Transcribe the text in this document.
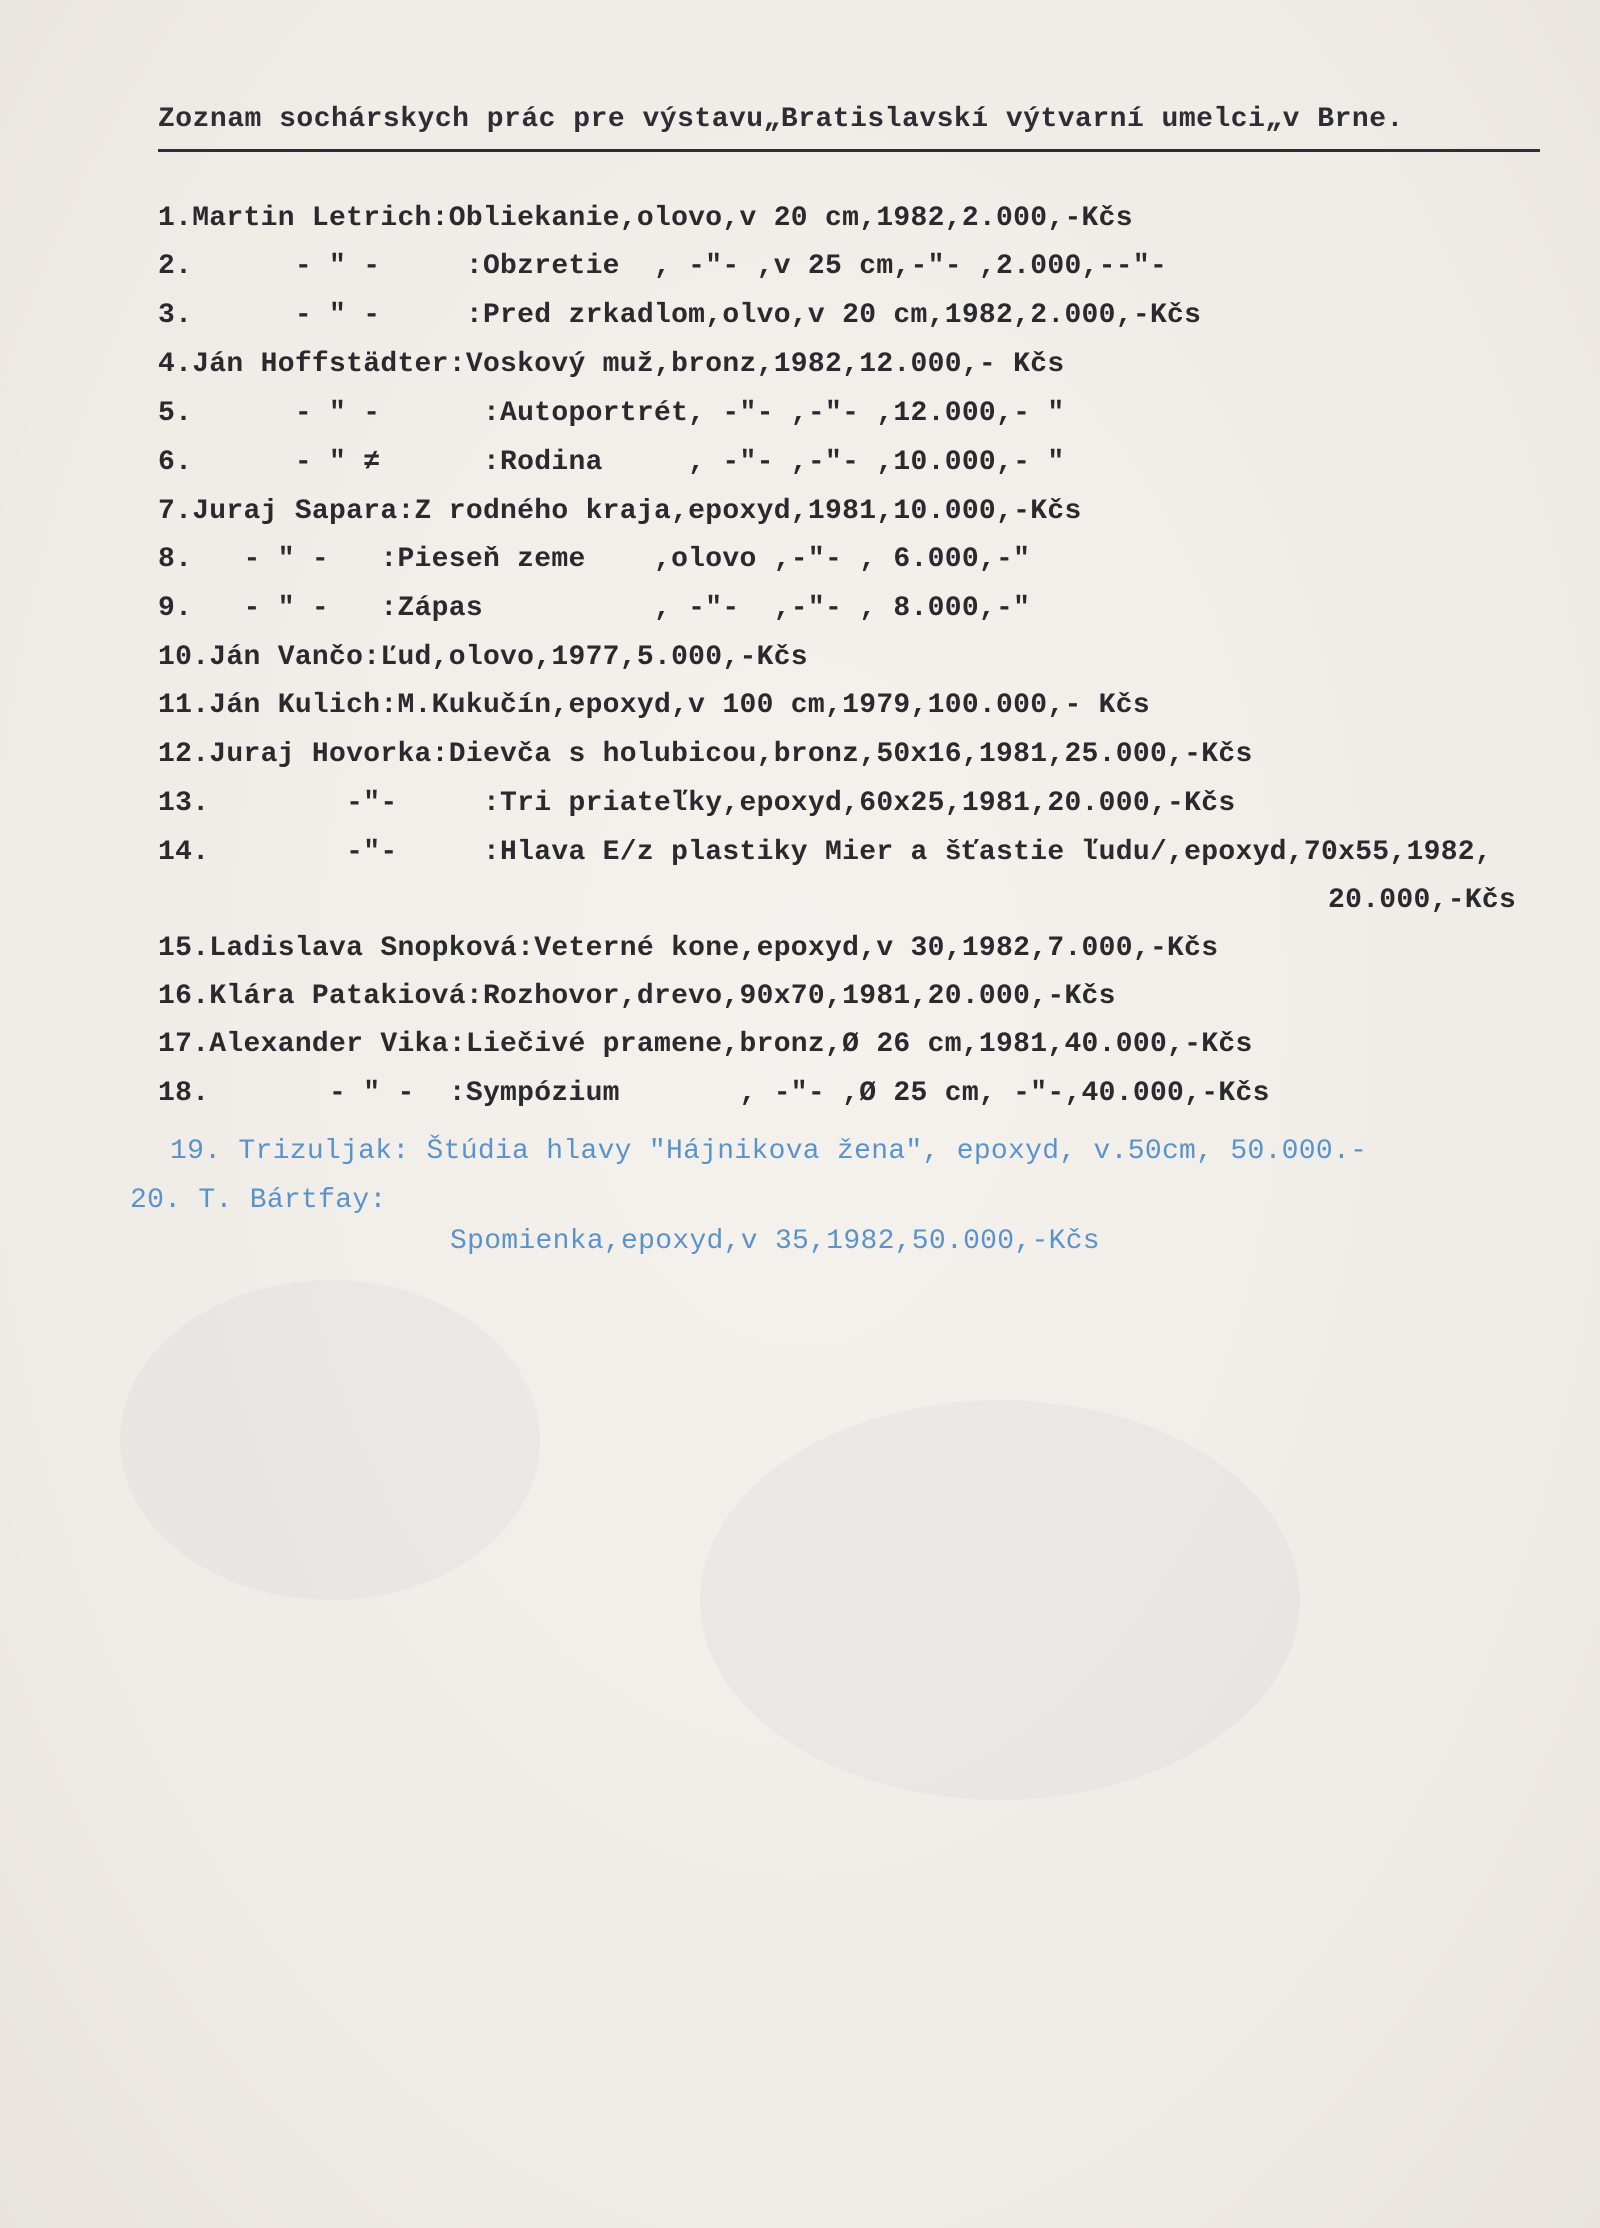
Zoznam sochárskych prác pre výstavu„Bratislavskí výtvarní umelci„v Brne.
1.Martin Letrich:Obliekanie,olovo,v 20 cm,1982,2.000,-Kčs
2.      - " -     :Obzretie  , -"- ,v 25 cm,-"- ,2.000,--"-
3.      - " -     :Pred zrkadlom,olvo,v 20 cm,1982,2.000,-Kčs
4.Ján Hoffstädter:Voskový muž,bronz,1982,12.000,- Kčs
5.      - " -      :Autoportrét, -"- ,-"- ,12.000,- "
6.      - " ≠      :Rodina     , -"- ,-"- ,10.000,- "
7.Juraj Sapara:Z rodného kraja,epoxyd,1981,10.000,-Kčs
8.   - " -   :Pieseň zeme    ,olovo ,-"- , 6.000,-"
9.   - " -   :Zápas          , -"-  ,-"- , 8.000,-"
10.Ján Vančo:Ľud,olovo,1977,5.000,-Kčs
11.Ján Kulich:M.Kukučín,epoxyd,v 100 cm,1979,100.000,- Kčs
12.Juraj Hovorka:Dievča s holubicou,bronz,50x16,1981,25.000,-Kčs
13.        -"-     :Tri priateľky,epoxyd,60x25,1981,20.000,-Kčs
14.        -"-     :Hlava E/z plastiky Mier a šťastie ľudu/,epoxyd,70x55,1982,
20.000,-Kčs
15.Ladislava Snopková:Veterné kone,epoxyd,v 30,1982,7.000,-Kčs
16.Klára Patakiová:Rozhovor,drevo,90x70,1981,20.000,-Kčs
17.Alexander Vika:Liečivé pramene,bronz,Ø 26 cm,1981,40.000,-Kčs
18.       - " -  :Sympózium       , -"- ,Ø 25 cm, -"-,40.000,-Kčs
19. Trizuljak: Štúdia hlavy "Hájnikova žena", epoxyd, v.50cm, 50.000.-
20. T. Bártfay:
Spomienka,epoxyd,v 35,1982,50.000,-Kčs
